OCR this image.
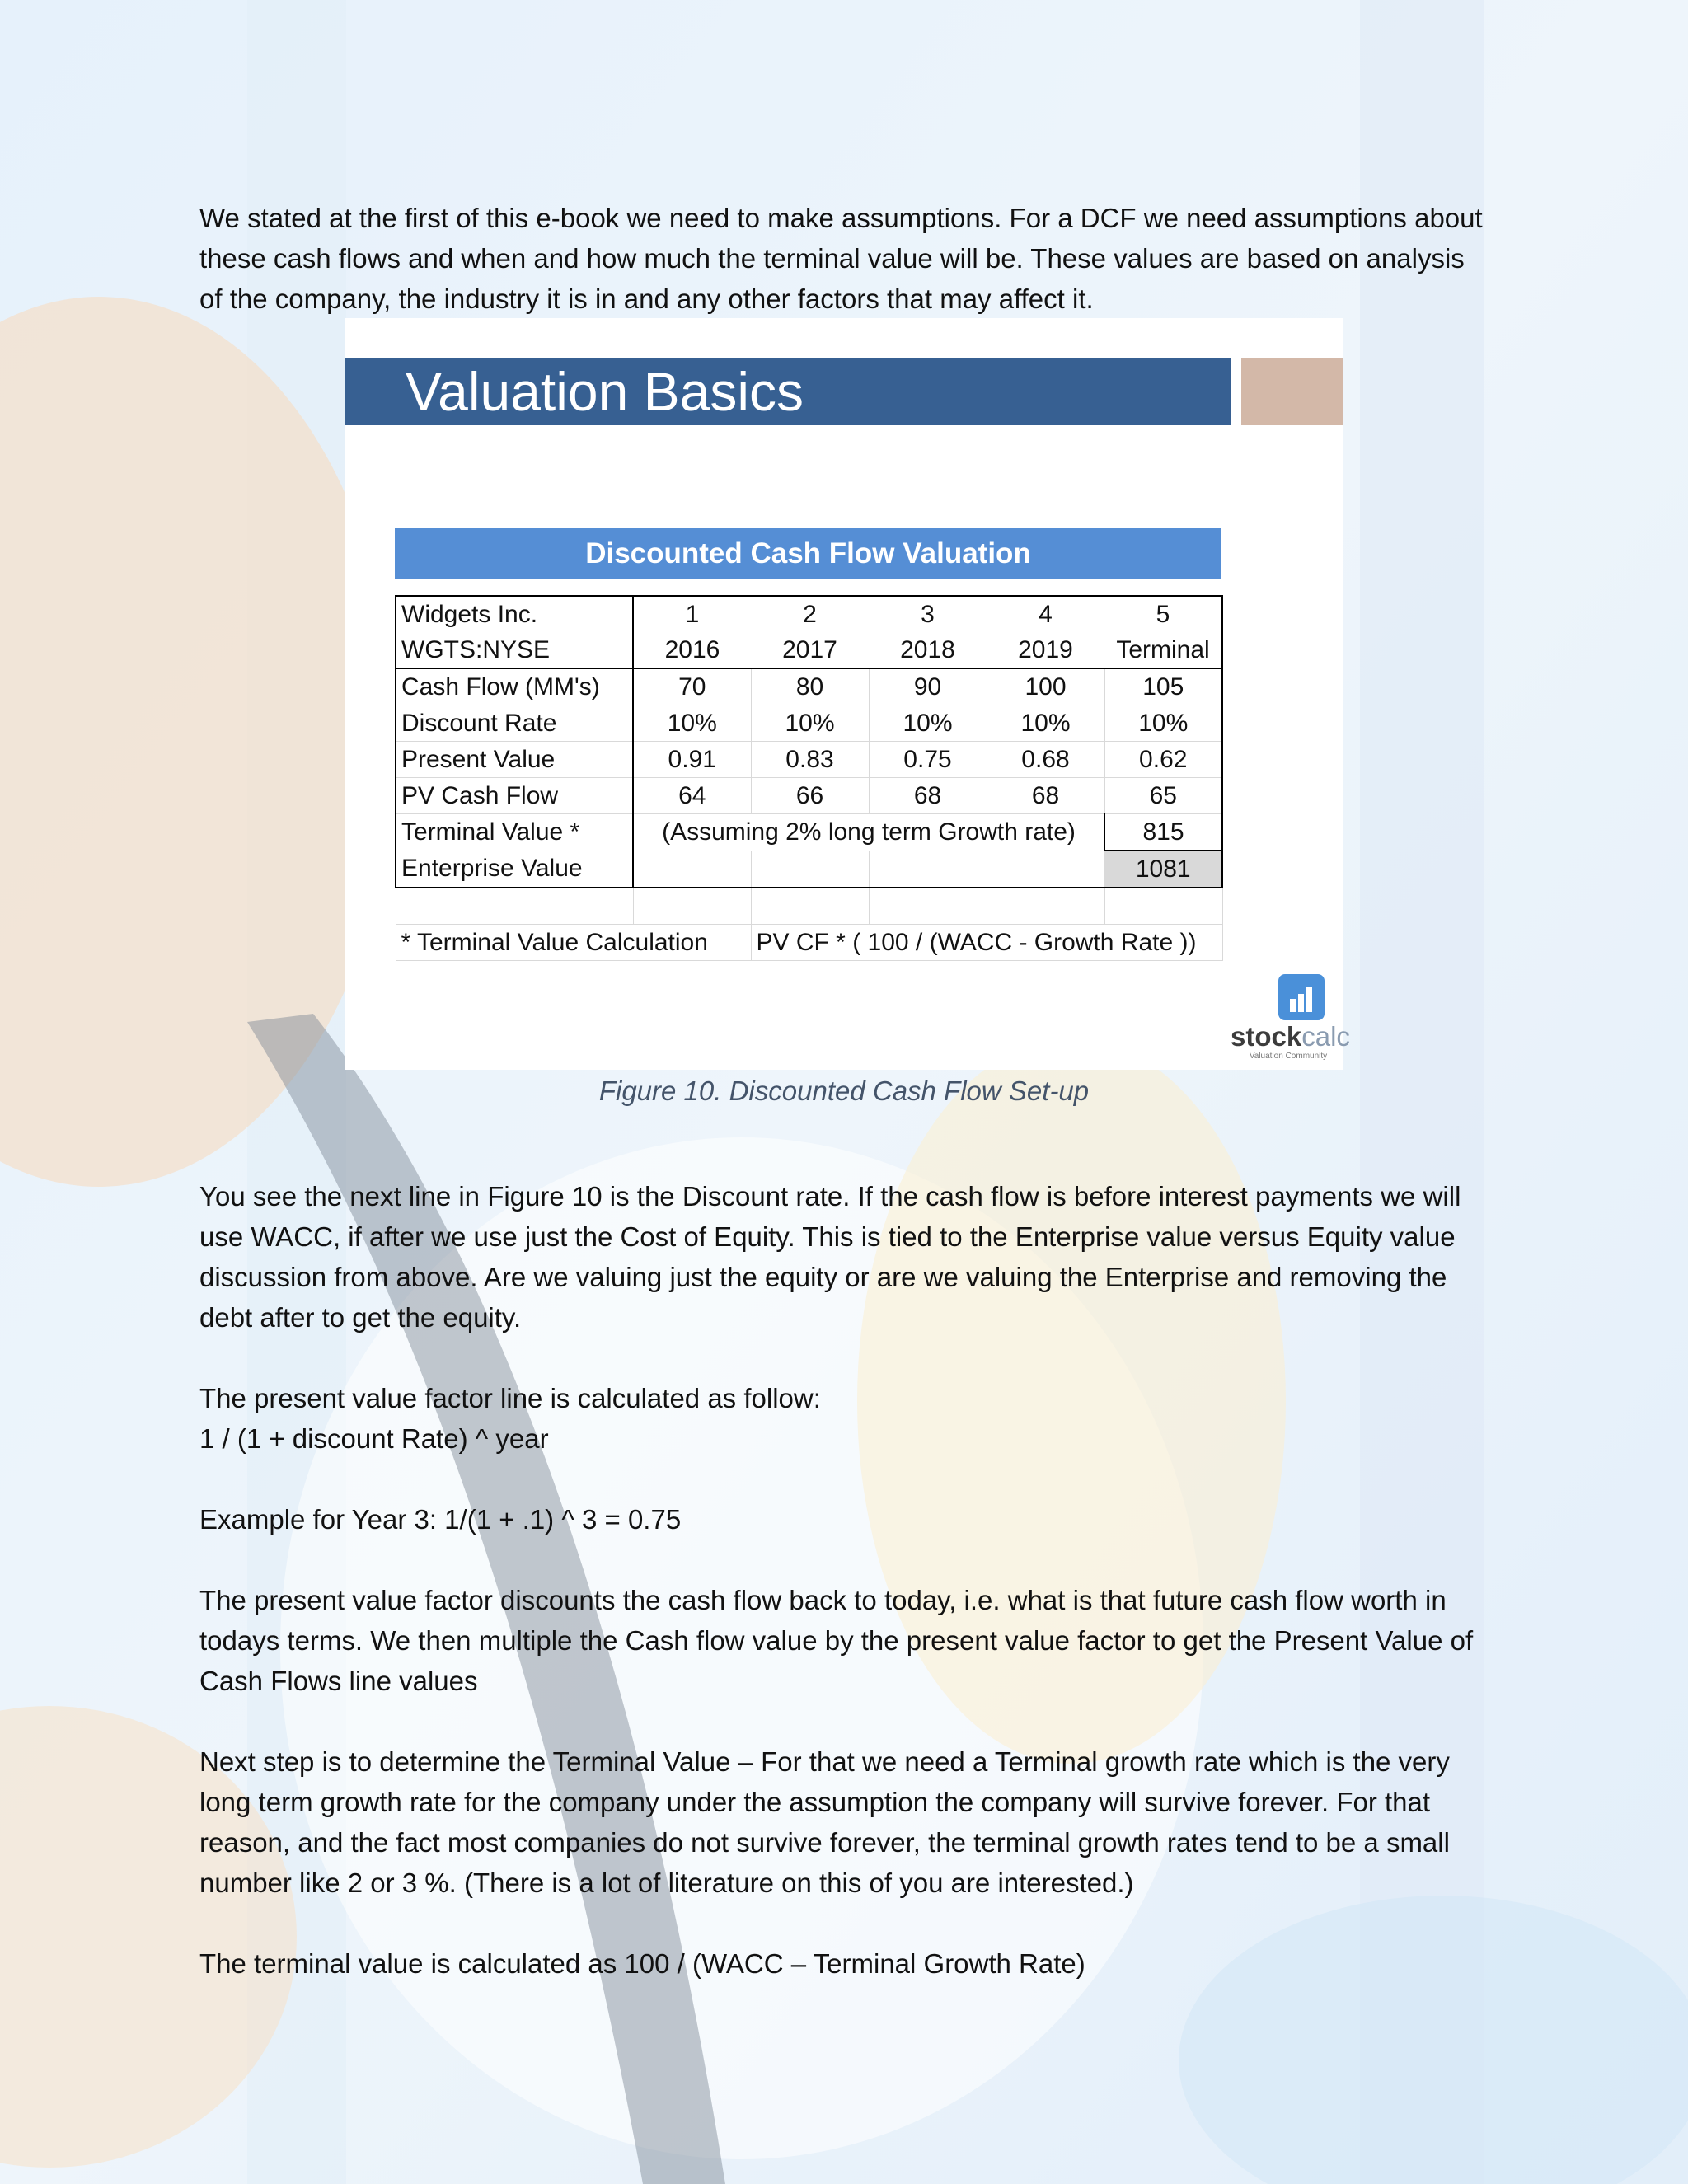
We stated at the first of this e-book we need to make assumptions. For a DCF we need assumptions about these cash flows and when and how much the terminal value will be. These values are based on analysis of the company, the industry it is in and any other factors that may affect it.

Valuation Basics
Discounted Cash Flow Valuation
Widgets Inc.	1	2	3	4	5
WGTS:NYSE	2016	2017	2018	2019	Terminal
Cash Flow (MM's)	70	80	90	100	105
Discount Rate	10%	10%	10%	10%	10%
Present Value	0.91	0.83	0.75	0.68	0.62
PV Cash Flow	64	66	68	68	65
Terminal Value *	(Assuming 2% long term Growth rate)				815
Enterprise Value					1081

* Terminal Value Calculation		PV CF * ( 100 / (WACC - Growth Rate ))			
stockcalc
Valuation Community
Figure 10. Discounted Cash Flow Set-up

You see the next line in Figure 10 is the Discount rate. If the cash flow is before interest payments we will use WACC, if after we use just the Cost of Equity. This is tied to the Enterprise value versus Equity value discussion from above. Are we valuing just the equity or are we valuing the Enterprise and removing the debt after to get the equity.

The present value factor line is calculated as follow:

1 / (1 + discount Rate) ^ year

Example for Year 3: 1/(1 + .1) ^ 3 = 0.75

The present value factor discounts the cash flow back to today, i.e. what is that future cash flow worth in todays terms. We then multiple the Cash flow value by the present value factor to get the Present Value of Cash Flows line values

Next step is to determine the Terminal Value – For that we need a Terminal growth rate which is the very long term growth rate for the company under the assumption the company will survive forever. For that reason, and the fact most companies do not survive forever, the terminal growth rates tend to be a small number like 2 or 3 %. (There is a lot of literature on this of you are interested.)

The terminal value is calculated as 100 / (WACC – Terminal Growth Rate)
